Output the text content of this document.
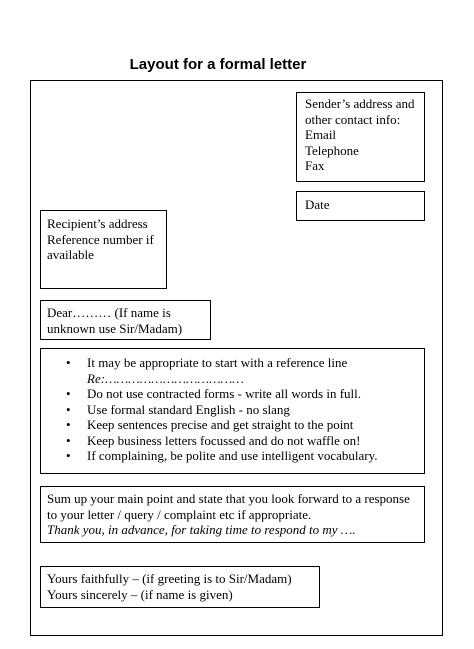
Layout for a formal letter
Sender’s address and
other contact info:
Email
Telephone
Fax
Date
Recipient’s address
Reference number if
available
Dear……… (If name is
unknown use Sir/Madam)
• It may be appropriate to start with a reference line
Re:………………………………
• Do not use contracted forms - write all words in full.
• Use formal standard English - no slang
• Keep sentences precise and get straight to the point
• Keep business letters focussed and do not waffle on!
• If complaining, be polite and use intelligent vocabulary.
Sum up your main point and state that you look forward to a response
to your letter / query / complaint etc if appropriate.
Thank you, in advance, for taking time to respond to my ….
Yours faithfully – (if greeting is to Sir/Madam)
Yours sincerely – (if name is given)
